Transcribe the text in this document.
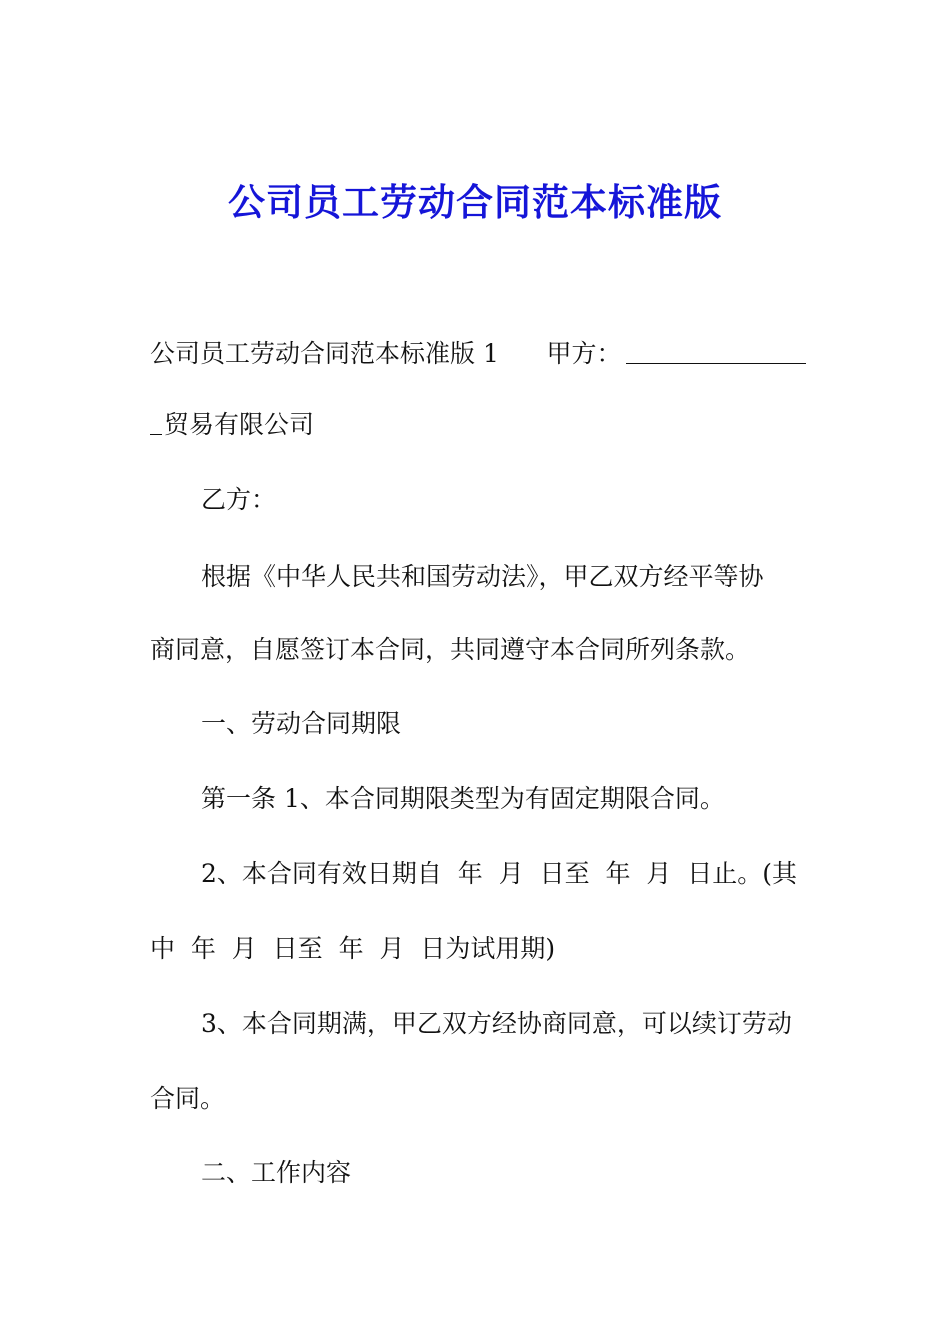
公司员工劳动合同范本标准版
公司员工劳动合同范本标准版 1      甲方：
贸易有限公司
乙方：
根据《中华人民共和国劳动法》，甲乙双方经平等协
商同意，自愿签订本合同，共同遵守本合同所列条款。
一、劳动合同期限
第一条 1、本合同期限类型为有固定期限合同。
2、本合同有效日期自  年  月  日至  年  月  日止。(其
中  年  月  日至  年  月  日为试用期)
3、本合同期满，甲乙双方经协商同意，可以续订劳动
合同。
二、工作内容
